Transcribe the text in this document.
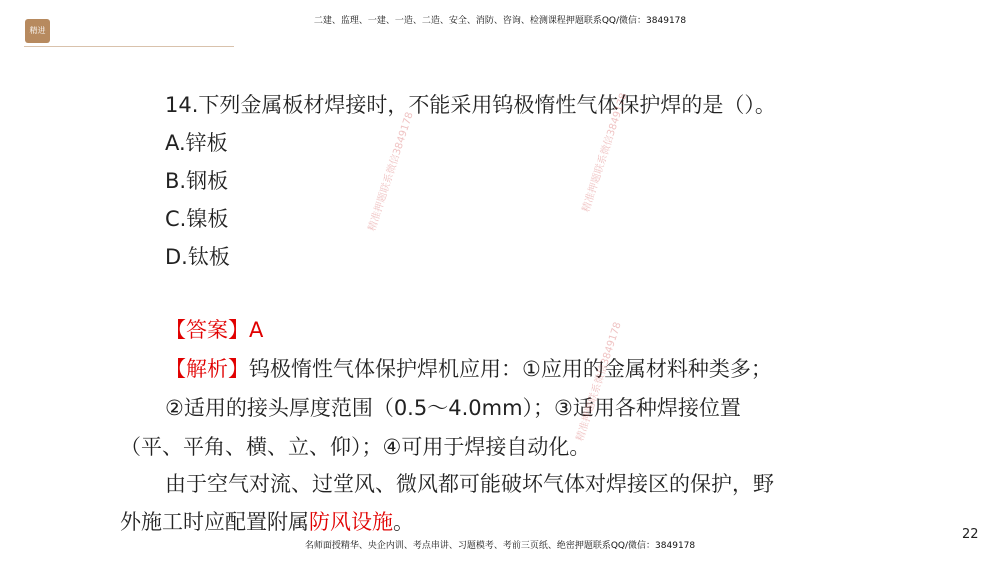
精进
二建、监理、一建、一造、二造、安全、消防、咨询、检测课程押题联系QQ/微信：3849178
14.下列金属板材焊接时，不能采用钨极惰性气体保护焊的是（）。
A.锌板
B.钢板
C.镍板
D.钛板
【答案】A
【解析】钨极惰性气体保护焊机应用：①应用的金属材料种类多；
②适用的接头厚度范围（0.5～4.0mm）；③适用各种焊接位置
（平、平角、横、立、仰）；④可用于焊接自动化。
由于空气对流、过堂风、微风都可能破坏气体对焊接区的保护，野
外施工时应配置附属防风设施。
精准押题联系微信3849178	精准押题联系微信3849178
精准押题联系微信3849178
22
名师面授精华、央企内训、考点串讲、习题模考、考前三页纸、绝密押题联系QQ/微信：3849178
